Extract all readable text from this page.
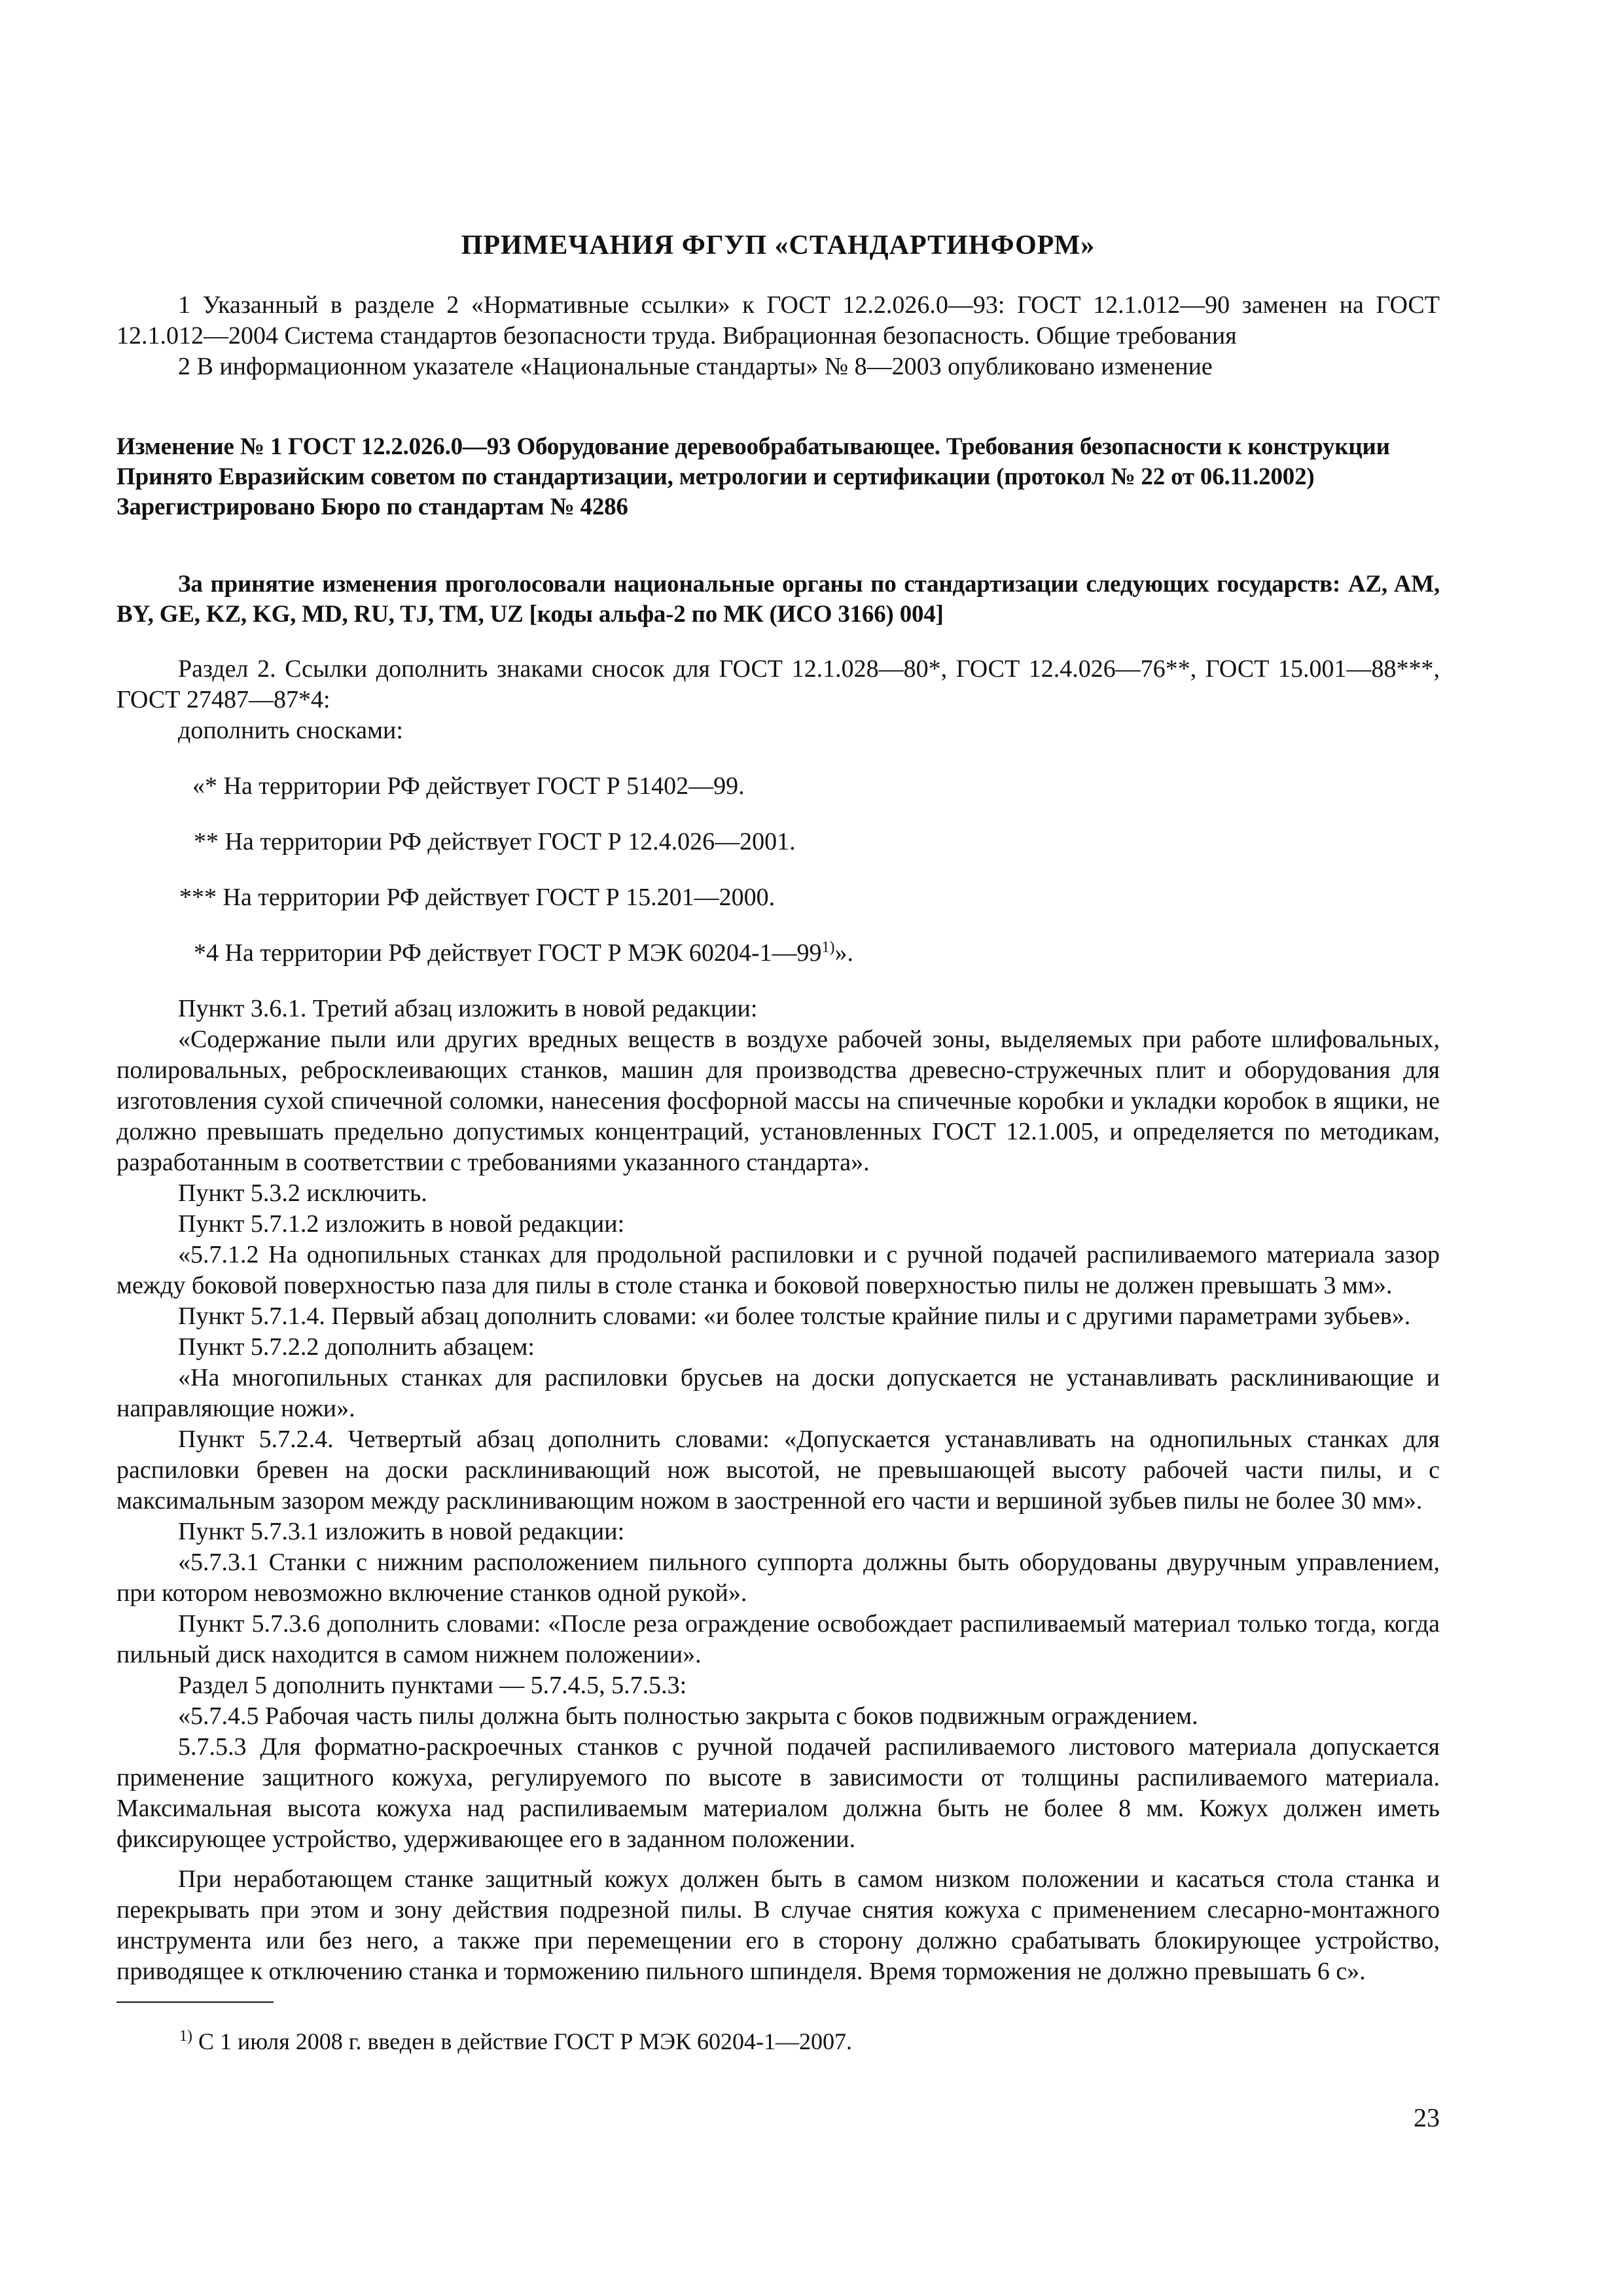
ПРИМЕЧАНИЯ ФГУП «СТАНДАРТИНФОРМ»

1 Указанный в разделе 2 «Нормативные ссылки» к ГОСТ 12.2.026.0—93: ГОСТ 12.1.012—90 заменен на ГОСТ 12.1.012—2004 Система стандартов безопасности труда. Вибрационная безопасность. Общие требования

2 В информационном указателе «Национальные стандарты» № 8—2003 опубликовано изменение

Изменение № 1 ГОСТ 12.2.026.0—93 Оборудование деревообрабатывающее. Требования безопасности к конструкции
Принято Евразийским советом по стандартизации, метрологии и сертификации (протокол № 22 от 06.11.2002)
Зарегистрировано Бюро по стандартам № 4286

За принятие изменения проголосовали национальные органы по стандартизации следующих государств: AZ, AM, BY, GE, KZ, KG, MD, RU, TJ, TM, UZ [коды альфа-2 по МК (ИСО 3166) 004]

Раздел 2. Ссылки дополнить знаками сносок для ГОСТ 12.1.028—80*, ГОСТ 12.4.026—76**, ГОСТ 15.001—88***, ГОСТ 27487—87*4:

дополнить сносками:

«* На территории РФ действует ГОСТ Р 51402—99.

** На территории РФ действует ГОСТ Р 12.4.026—2001.

*** На территории РФ действует ГОСТ Р 15.201—2000.

*4 На территории РФ действует ГОСТ Р МЭК 60204-1—99$^{1)}$».

Пункт 3.6.1. Третий абзац изложить в новой редакции:

«Содержание пыли или других вредных веществ в воздухе рабочей зоны, выделяемых при работе шлифовальных, полировальных, ребросклеивающих станков, машин для производства древесно-стружечных плит и оборудования для изготовления сухой спичечной соломки, нанесения фосфорной массы на спичечные коробки и укладки коробок в ящики, не должно превышать предельно допустимых концентраций, установленных ГОСТ 12.1.005, и определяется по методикам, разработанным в соответствии с требованиями указанного стандарта».

Пункт 5.3.2 исключить.

Пункт 5.7.1.2 изложить в новой редакции:

«5.7.1.2 На однопильных станках для продольной распиловки и с ручной подачей распиливаемого материала зазор между боковой поверхностью паза для пилы в столе станка и боковой поверхностью пилы не должен превышать 3 мм».

Пункт 5.7.1.4. Первый абзац дополнить словами: «и более толстые крайние пилы и с другими параметрами зубьев».

Пункт 5.7.2.2 дополнить абзацем:

«На многопильных станках для распиловки брусьев на доски допускается не устанавливать расклинивающие и направляющие ножи».

Пункт 5.7.2.4. Четвертый абзац дополнить словами: «Допускается устанавливать на однопильных станках для распиловки бревен на доски расклинивающий нож высотой, не превышающей высоту рабочей части пилы, и с максимальным зазором между расклинивающим ножом в заостренной его части и вершиной зубьев пилы не более 30 мм».

Пункт 5.7.3.1 изложить в новой редакции:

«5.7.3.1 Станки с нижним расположением пильного суппорта должны быть оборудованы двуручным управлением, при котором невозможно включение станков одной рукой».

Пункт 5.7.3.6 дополнить словами: «После реза ограждение освобождает распиливаемый материал только тогда, когда пильный диск находится в самом нижнем положении».

Раздел 5 дополнить пунктами — 5.7.4.5, 5.7.5.3:

«5.7.4.5 Рабочая часть пилы должна быть полностью закрыта с боков подвижным ограждением.

5.7.5.3 Для форматно-раскроечных станков с ручной подачей распиливаемого листового материала допускается применение защитного кожуха, регулируемого по высоте в зависимости от толщины распиливаемого материала. Максимальная высота кожуха над распиливаемым материалом должна быть не более 8 мм. Кожух должен иметь фиксирующее устройство, удерживающее его в заданном положении.

При неработающем станке защитный кожух должен быть в самом низком положении и касаться стола станка и перекрывать при этом и зону действия подрезной пилы. В случае снятия кожуха с применением слесарно-монтажного инструмента или без него, а также при перемещении его в сторону должно срабатывать блокирующее устройство, приводящее к отключению станка и торможению пильного шпинделя. Время торможения не должно превышать 6 с».

$^{1)}$ С 1 июля 2008 г. введен в действие ГОСТ Р МЭК 60204-1—2007.

23
